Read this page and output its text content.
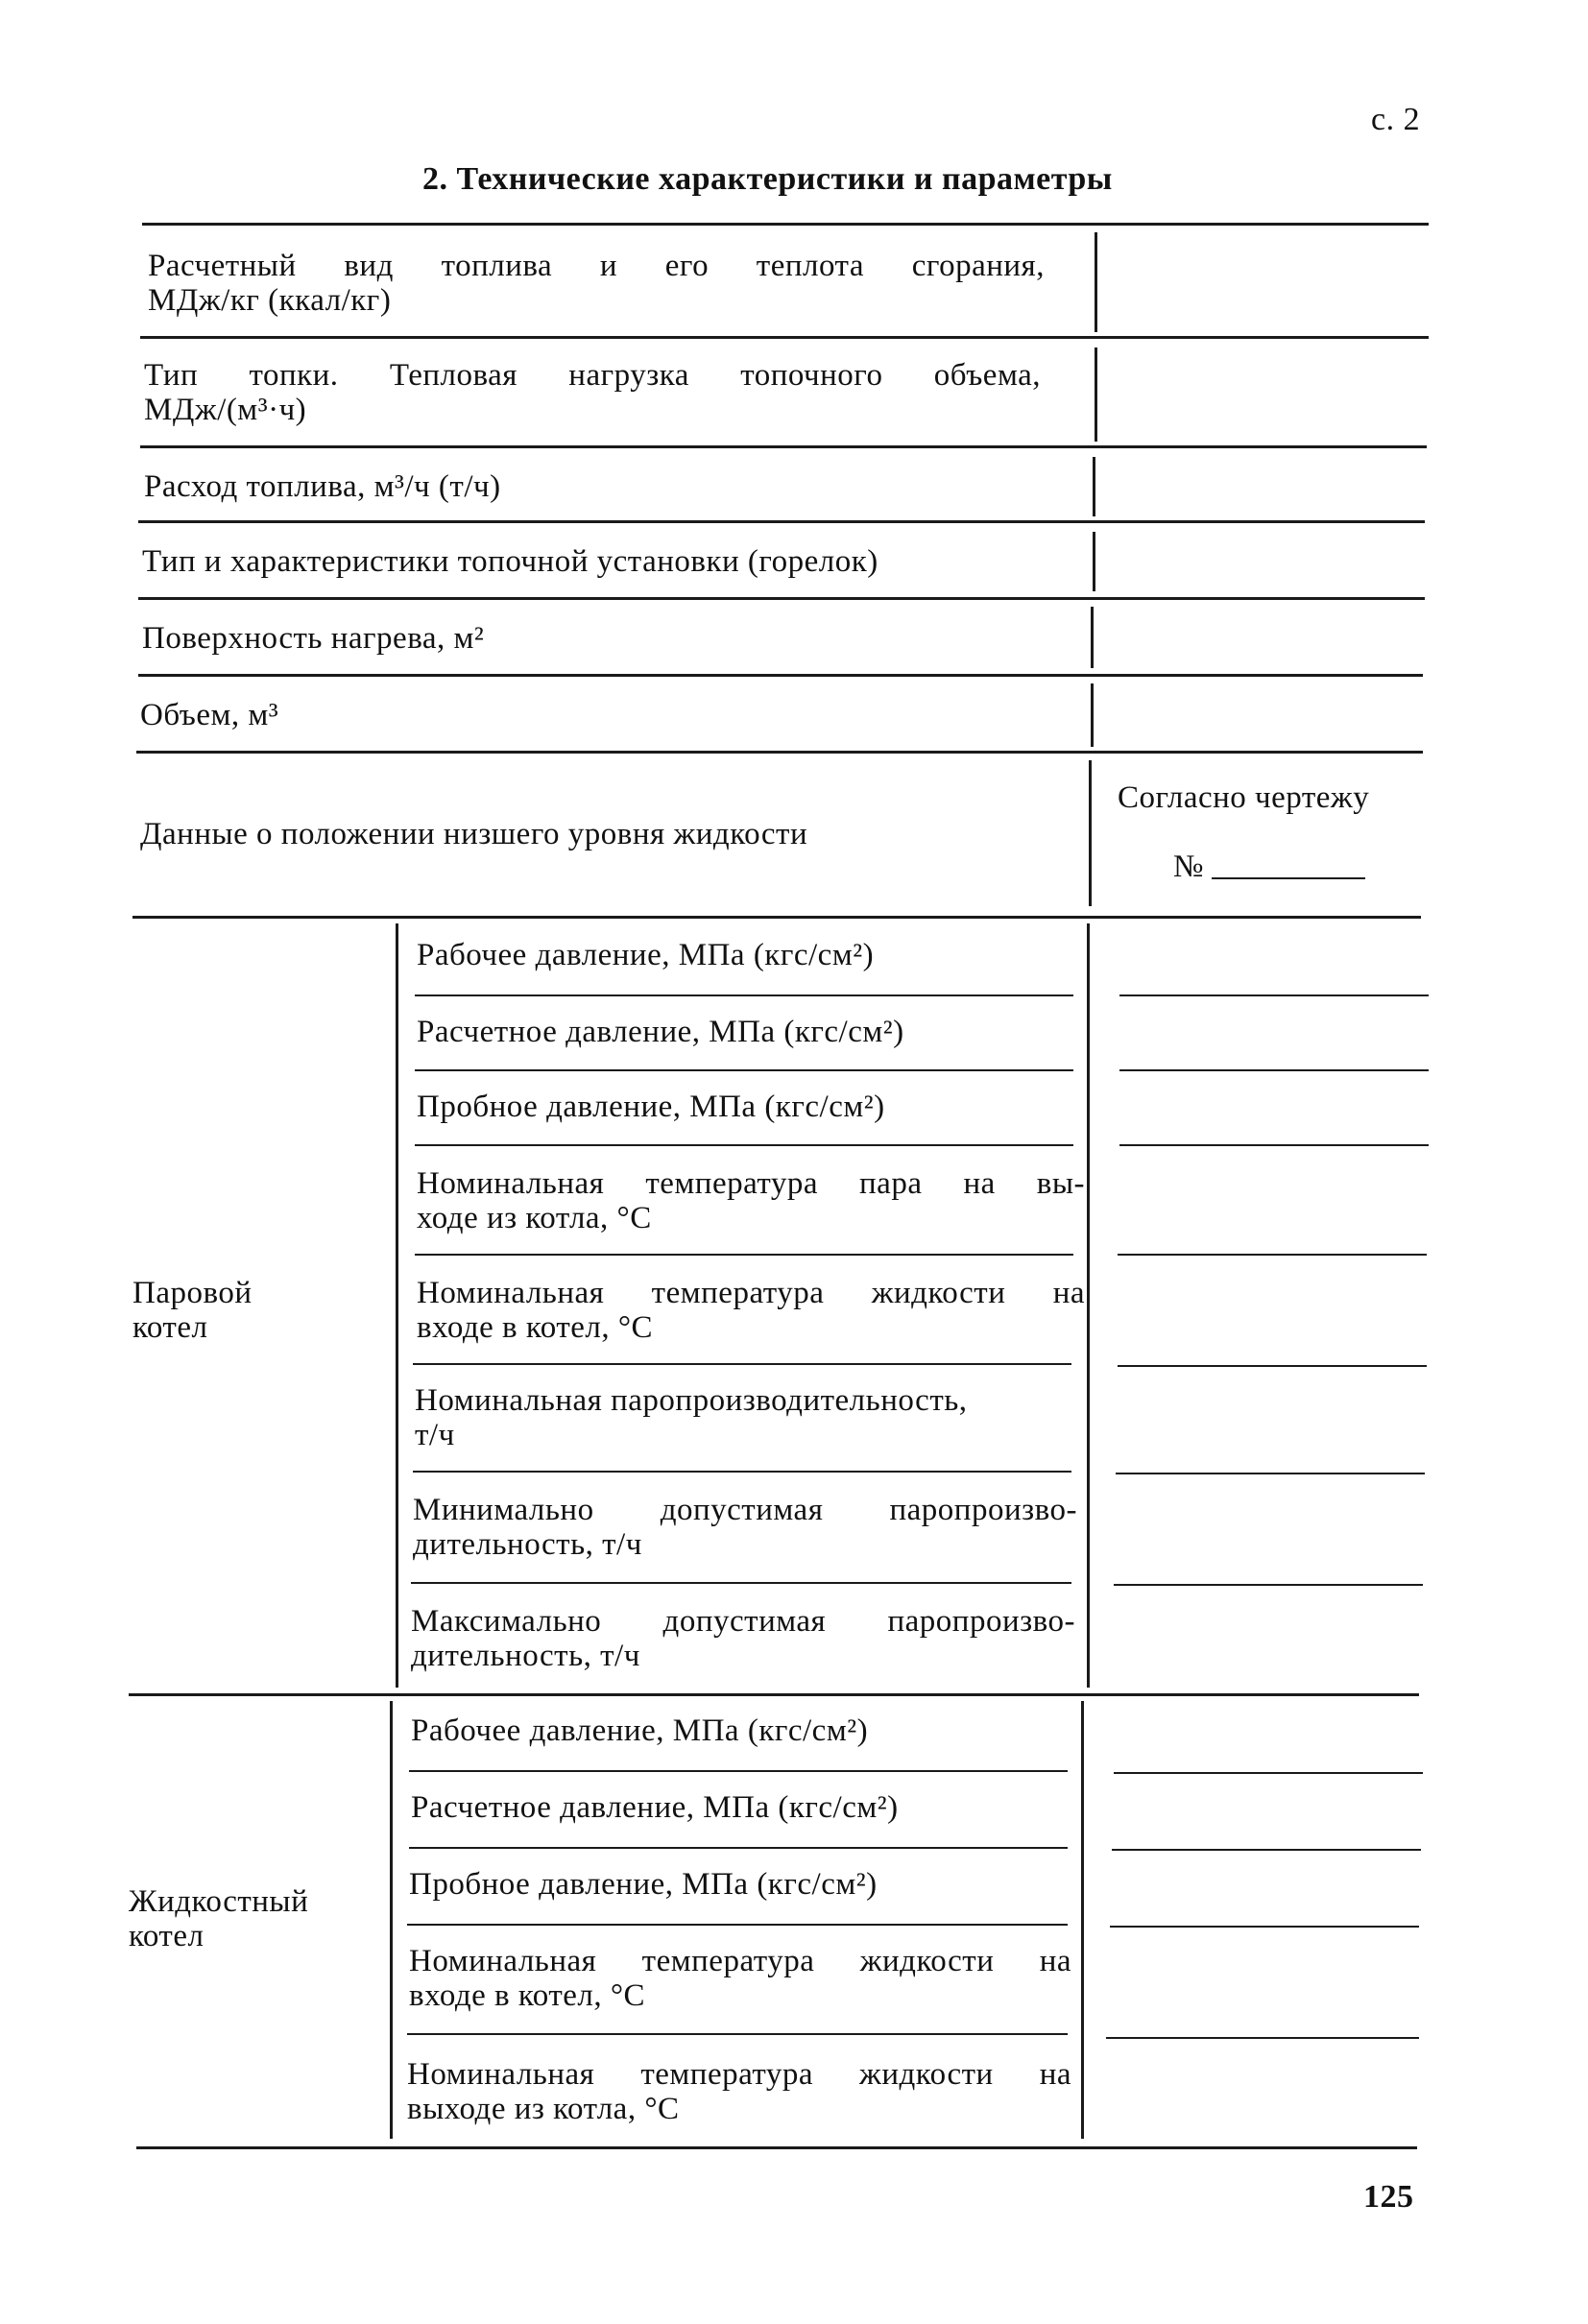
с. 2
2. Технические характеристики и параметры
Расчетный вид топлива и его теплота сгорания,
МДж/кг (ккал/кг)
Тип топки. Тепловая нагрузка топочного объема,
МДж/(м³·ч)
Расход топлива, м³/ч (т/ч)
Тип и характеристики топочной установки (горелок)
Поверхность нагрева, м²
Объем, м³
Данные о положении низшего уровня жидкости
Согласно чертежу
№
Паровой
котел
Рабочее давление, МПа (кгс/см²)
Расчетное давление, МПа (кгс/см²)
Пробное давление, МПа (кгс/см²)
Номинальная температура пара на вы-
ходе из котла, °С
Номинальная температура жидкости на
входе в котел, °С
Номинальная паропроизводительность,
т/ч
Минимально допустимая паропроизво-
дительность, т/ч
Максимально допустимая паропроизво-
дительность, т/ч
Жидкостный
котел
Рабочее давление, МПа (кгс/см²)
Расчетное давление, МПа (кгс/см²)
Пробное давление, МПа (кгс/см²)
Номинальная температура жидкости на
входе в котел, °С
Номинальная температура жидкости на
выходе из котла, °С
125
